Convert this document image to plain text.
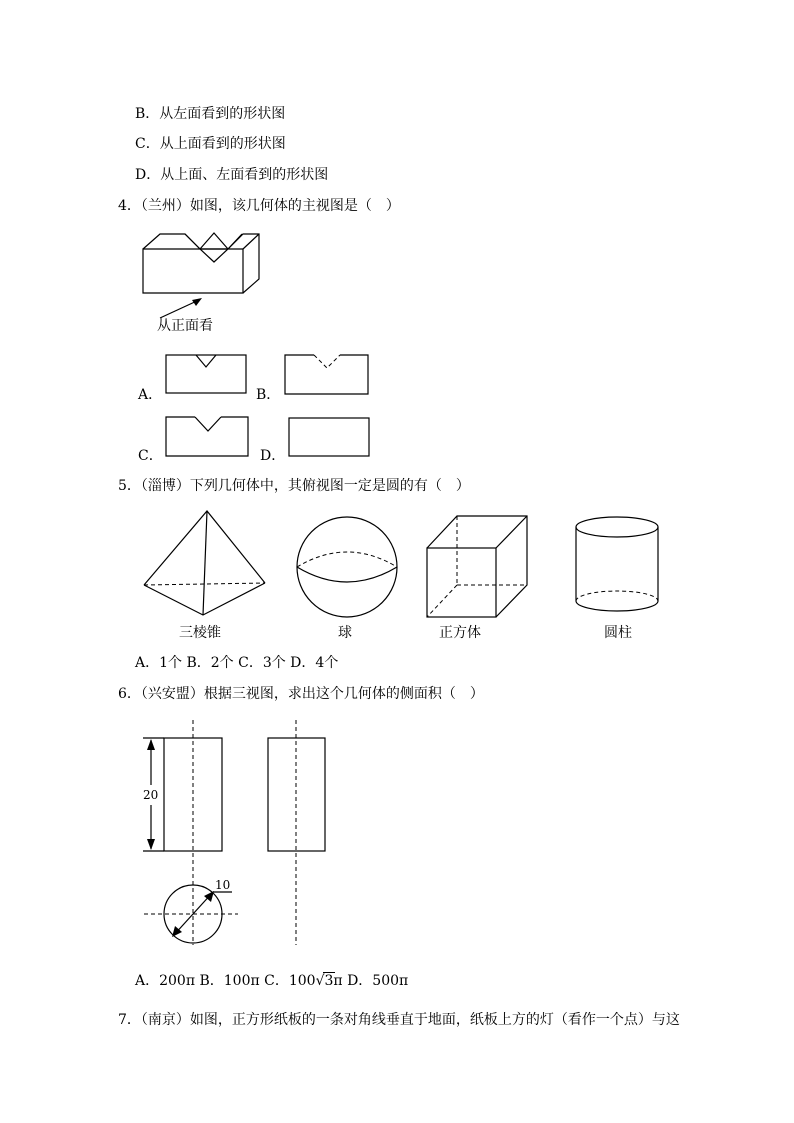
B．从左面看到的形状图
C．从上面看到的形状图
D．从上面、左面看到的形状图
4．（兰州）如图，该几何体的主视图是（　）
从正面看
A．	B．
C．	D．
5．（淄博）下列几何体中，其俯视图一定是圆的有（　）
三棱锥	球	正方体	圆柱
A．1个 B．2个 C．3个 D．4个
6．（兴安盟）根据三视图，求出这个几何体的侧面积（　）
20
10
A．200π B．100π C．100√3π D．500π
7．（南京）如图，正方形纸板的一条对角线垂直于地面，纸板上方的灯（看作一个点）与这
